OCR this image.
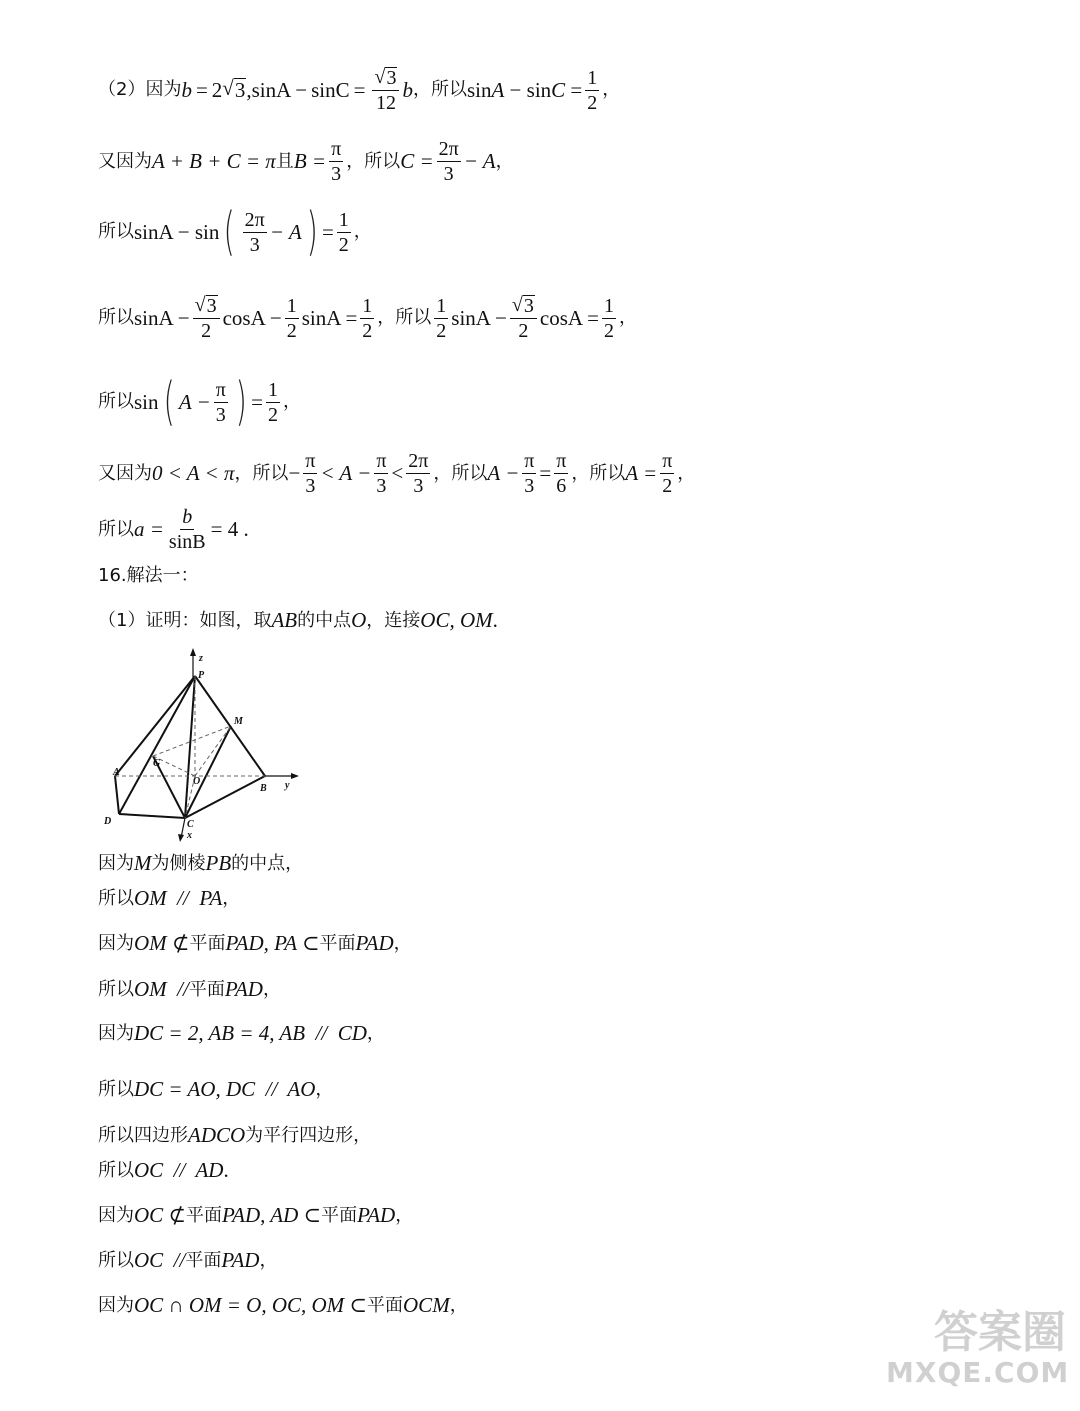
（2）因为 b = 2 √ 3 , $\sin A - \sin C = \frac{√ 3}{12}$ b ，所以 $\sin A - \sin C = \frac{1}{2}$ ，
又因为 A + B + C = π 且 $B = \frac{\pi}{3}$ ，所以 $C = \frac{2\pi}{3} - A$ ，
所以 sinA − sin ( $\frac{2\pi}{3} - A$ ) = $\frac{1}{2}$ ，
所以 $\sin A - \frac{√ 3}{2}$ $\cos A - \frac{1}{2}$ $\sin A = \frac{1}{2}$ ，所以 $\frac{1}{2}$ $\sin A - \frac{√ 3}{2}$ $\cos A = \frac{1}{2}$ ，
所以 sin ( $A - \frac{\pi}{3}$ ) = $\frac{1}{2}$ ，
又因为 0 < A < π ，所以 − $\frac{\pi}{3} < A - \frac{\pi}{3} < \frac{2\pi}{3}$ ，所以 $A - \frac{\pi}{3} = \frac{\pi}{6}$ ，所以 $A = \frac{\pi}{2}$ ，
所以 $a = \frac{b}{\sin B} = 4$ .
16.解法一：
（1）证明：如图，取 AB 的中点 O ，连接 OC, OM .
z
P
M
A
G
O
B y
D	C
x
因为 M 为侧棱 PB 的中点，
所以 OM  //  PA ，
因为 OM ⊄ 平面 PAD, PA ⊂ 平面 PAD ，
所以 OM  // 平面 PAD ，
因为 DC = 2, AB = 4, AB  //  CD ，
所以 DC = AO, DC  //  AO ，
所以四边形 ADCO 为平行四边形，
所以 OC  //  AD .
因为 OC ⊄ 平面 PAD, AD ⊂ 平面 PAD ，
所以 OC  // 平面 PAD ，
因为 OC ∩ OM = O, OC, OM ⊂ 平面 OCM ，
答案圈
MXQE.COM
